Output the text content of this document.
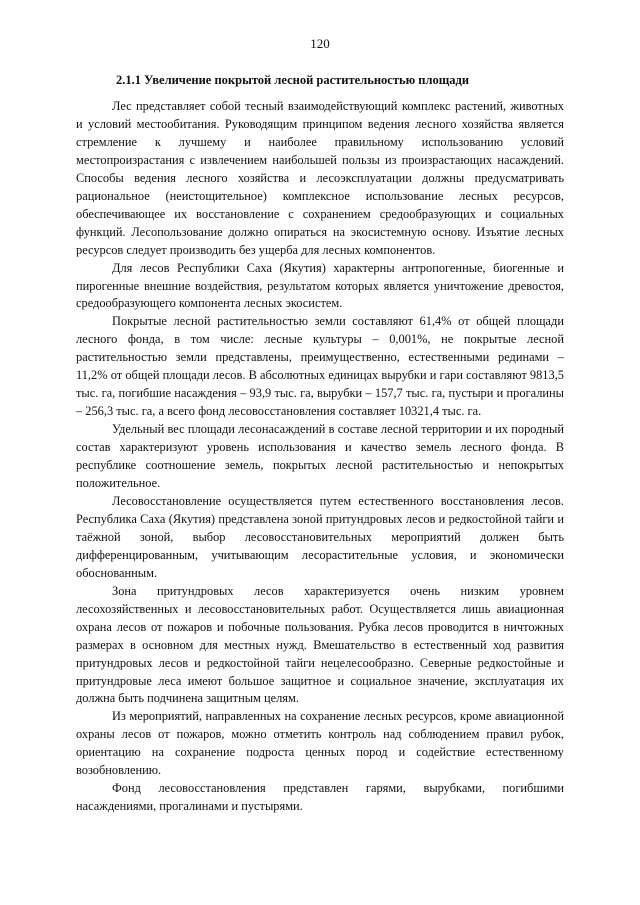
120
2.1.1 Увеличение покрытой лесной растительностью площади

Лес представляет собой тесный взаимодействующий комплекс растений, животных и условий местообитания. Руководящим принципом ведения лесного хозяйства является стремление к лучшему и наиболее правильному использованию условий местопроизрастания с извлечением наибольшей пользы из произрастающих насаждений. Способы ведения лесного хозяйства и лесоэксплуатации должны предусматривать рациональное (неистощительное) комплексное использование лесных ресурсов, обеспечивающее их восстановление с сохранением средообразующих и социальных функций. Лесопользование должно опираться на экосистемную основу. Изъятие лесных ресурсов следует производить без ущерба для лесных компонентов.

Для лесов Республики Саха (Якутия) характерны антропогенные, биогенные и пирогенные внешние воздействия, результатом которых является уничтожение древостоя, средообразующего компонента лесных экосистем.

Покрытые лесной растительностью земли составляют 61,4% от общей площади лесного фонда, в том числе: лесные культуры – 0,001%, не покрытые лесной растительностью земли представлены, преимущественно, естественными рединами – 11,2% от общей площади лесов. В абсолютных единицах вырубки и гари составляют 9813,5 тыс. га, погибшие насаждения – 93,9 тыс. га, вырубки – 157,7 тыс. га, пустыри и прогалины – 256,3 тыс. га, а всего фонд лесовосстановления составляет 10321,4 тыс. га.

Удельный вес площади лесонасаждений в составе лесной территории и их породный состав характеризуют уровень использования и качество земель лесного фонда. В республике соотношение земель, покрытых лесной растительностью и непокрытых положительное.

Лесовосстановление осуществляется путем естественного восстановления лесов. Республика Саха (Якутия) представлена зоной притундровых лесов и редкостойной тайги и таёжной зоной, выбор лесовосстановительных мероприятий должен быть дифференцированным, учитывающим лесорастительные условия, и экономически обоснованным.

Зона притундровых лесов характеризуется очень низким уровнем лесохозяйственных и лесовосстановительных работ. Осуществляется лишь авиационная охрана лесов от пожаров и побочные пользования. Рубка лесов проводится в ничтожных размерах в основном для местных нужд. Вмешательство в естественный ход развития притундровых лесов и редкостойной тайги нецелесообразно. Северные редкостойные и притундровые леса имеют большое защитное и социальное значение, эксплуатация их должна быть подчинена защитным целям.

Из мероприятий, направленных на сохранение лесных ресурсов, кроме авиационной охраны лесов от пожаров, можно отметить контроль над соблюдением правил рубок, ориентацию на сохранение подроста ценных пород и содействие естественному возобновлению.

Фонд лесовосстановления представлен гарями, вырубками, погибшими насаждениями, прогалинами и пустырями.
